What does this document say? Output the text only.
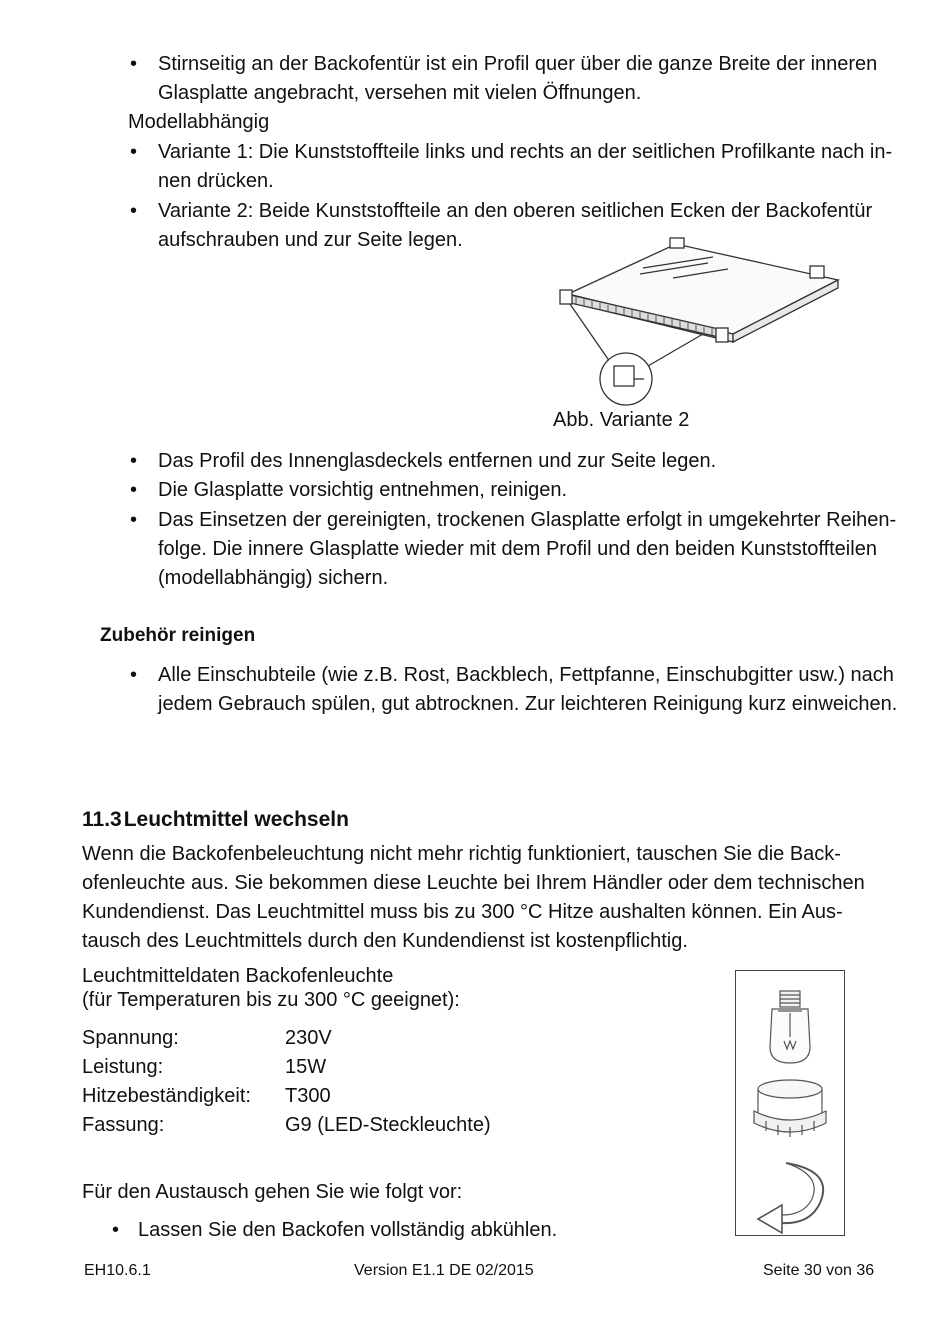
• Stirnseitig an der Backofentür ist ein Profil quer über die ganze Breite der inneren
Glasplatte angebracht, versehen mit vielen Öffnungen.
Modellabhängig
• Variante 1: Die Kunststoffteile links und rechts an der seitlichen Profilkante nach in-
nen drücken.
• Variante 2: Beide Kunststoffteile an den oberen seitlichen Ecken der Backofentür
aufschrauben und zur Seite legen.
Abb. Variante 2
• Das Profil des Innenglasdeckels entfernen und zur Seite legen.
• Die Glasplatte vorsichtig entnehmen, reinigen.
• Das Einsetzen der gereinigten, trockenen Glasplatte erfolgt in umgekehrter Reihen-
folge. Die innere Glasplatte wieder mit dem Profil und den beiden Kunststoffteilen
(modellabhängig) sichern.
Zubehör reinigen
• Alle Einschubteile (wie z.B. Rost, Backblech, Fettpfanne, Einschubgitter usw.) nach
jedem Gebrauch spülen, gut abtrocknen. Zur leichteren Reinigung kurz einweichen.
11.3Leuchtmittel wechseln
Wenn die Backofenbeleuchtung nicht mehr richtig funktioniert, tauschen Sie die Back-
ofenleuchte aus. Sie bekommen diese Leuchte bei Ihrem Händler oder dem technischen
Kundendienst. Das Leuchtmittel muss bis zu 300 °C Hitze aushalten können. Ein Aus-
tausch des Leuchtmittels durch den Kundendienst ist kostenpflichtig.
Leuchtmitteldaten Backofenleuchte
(für Temperaturen bis zu 300 °C geeignet):
Spannung:	230V
Leistung:	15W
Hitzebeständigkeit: T300
Fassung:	G9 (LED-Steckleuchte)
Für den Austausch gehen Sie wie folgt vor:
• Lassen Sie den Backofen vollständig abkühlen.
EH10.6.1	Version E1.1 DE 02/2015	Seite 30 von 36
